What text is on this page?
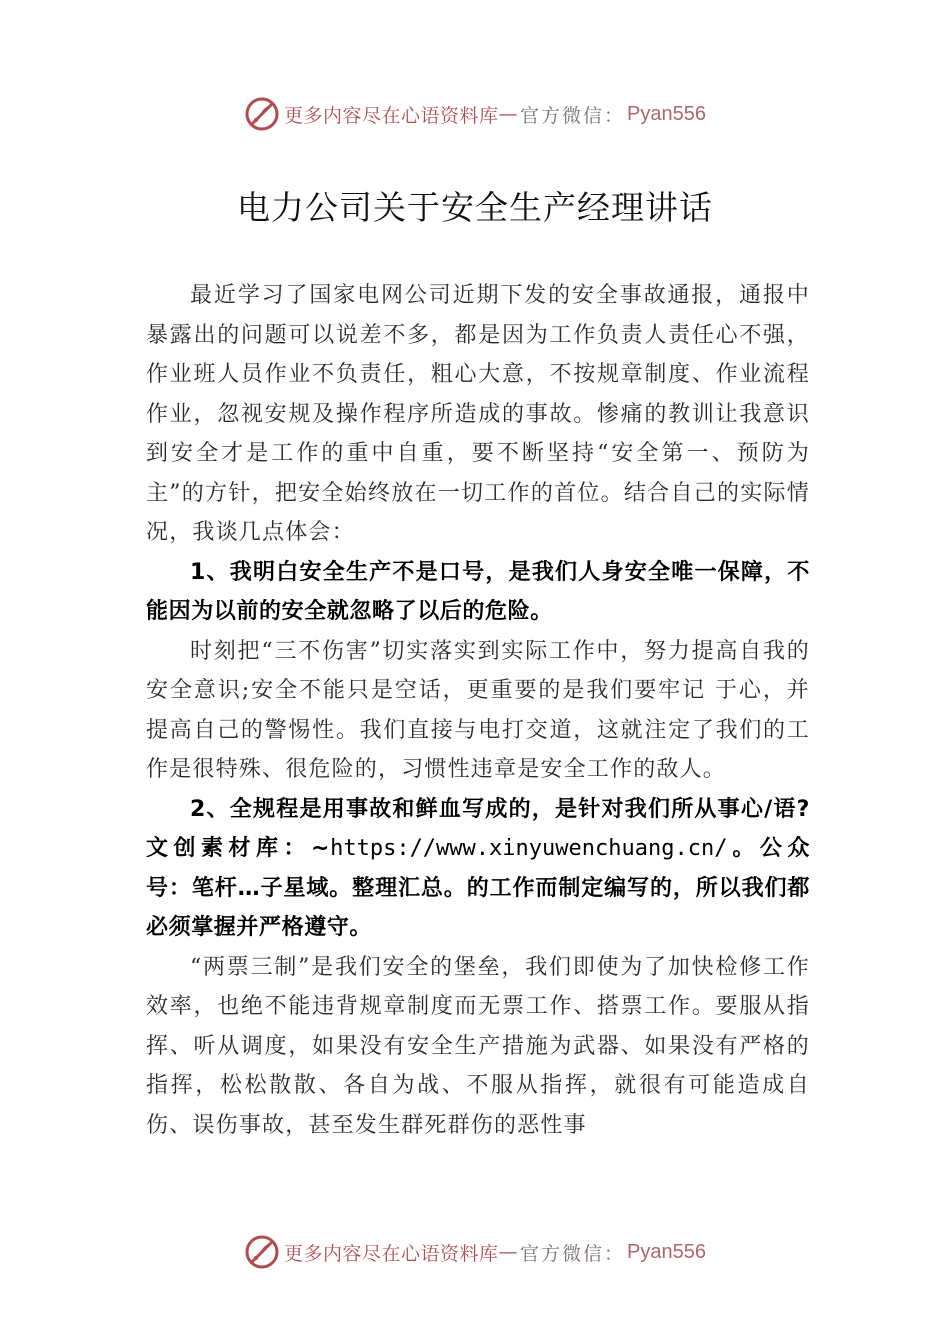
更多内容尽在心语资料库 — 官方微信： Pyan556
电力公司关于安全生产经理讲话

最近学习了国家电网公司近期下发的安全事故通报，通报中暴露出的问题可以说差不多，都是因为工作负责人责任心不强，作业班人员作业不负责任，粗心大意，不按规章制度、作业流程作业，忽视安规及操作程序所造成的事故。惨痛的教训让我意识到安全才是工作的重中自重，要不断坚持“安全第一、预防为主”的方针，把安全始终放在一切工作的首位。结合自己的实际情况，我谈几点体会：

1、我明白安全生产不是口号，是我们人身安全唯一保障，不能因为以前的安全就忽略了以后的危险。

时刻把“三不伤害”切实落实到实际工作中，努力提高自我的安全意识;安全不能只是空话，更重要的是我们要牢记 于心，并提高自己的警惕性。我们直接与电打交道，这就注定了我们的工作是很特殊、很危险的，习惯性违章是安全工作的敌人。

2、全规程是用事故和鲜血写成的，是针对我们所从事心/语?文创素材库：~https://www.xinyuwenchuang.cn/。公众号：笔杆…子星域。整理汇总。的工作而制定编写的，所以我们都必须掌握并严格遵守。

“两票三制”是我们安全的堡垒，我们即使为了加快检修工作效率，也绝不能违背规章制度而无票工作、搭票工作。要服从指挥、听从调度，如果没有安全生产措施为武器、如果没有严格的指挥，松松散散、各自为战、不服从指挥，就很有可能造成自伤、误伤事故，甚至发生群死群伤的恶性事

更多内容尽在心语资料库 — 官方微信： Pyan556
